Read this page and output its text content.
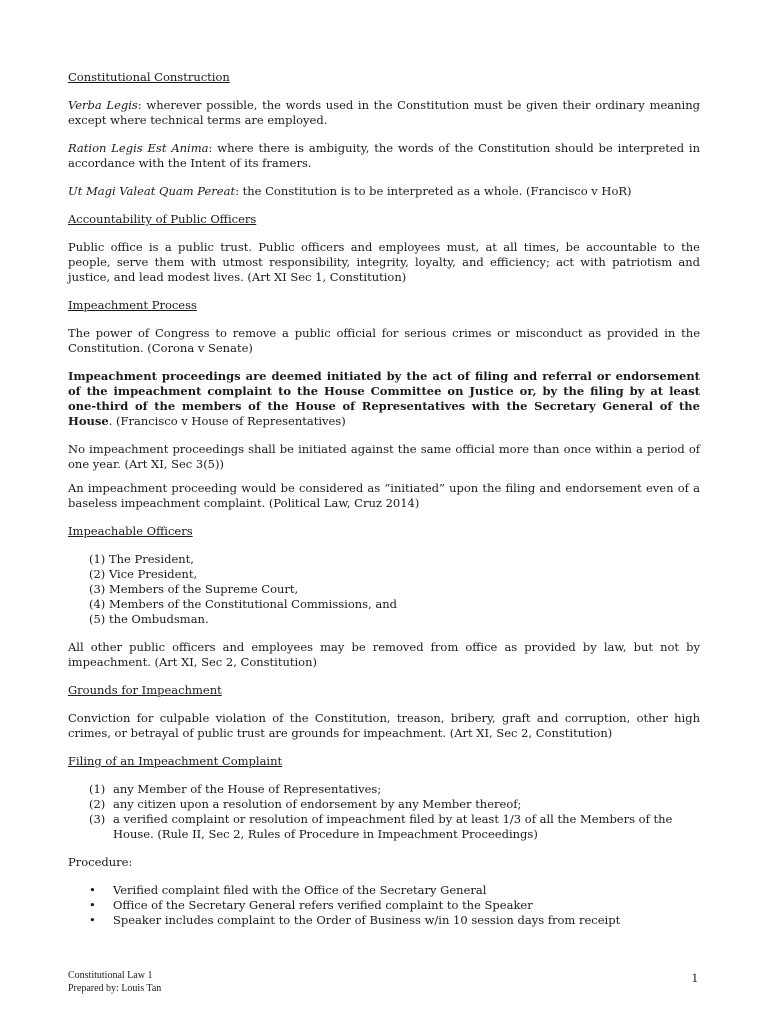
Constitutional Construction

Verba Legis: wherever possible, the words used in the Constitution must be given their ordinary meaning except where technical terms are employed.

Ration Legis Est Anima: where there is ambiguity, the words of the Constitution should be interpreted in accordance with the Intent of its framers.

Ut Magi Valeat Quam Pereat: the Constitution is to be interpreted as a whole. (Francisco v HoR)

Accountability of Public Officers

Public office is a public trust. Public officers and employees must, at all times, be accountable to the people, serve them with utmost responsibility, integrity, loyalty, and efficiency; act with patriotism and justice, and lead modest lives. (Art XI Sec 1, Constitution)

Impeachment Process

The power of Congress to remove a public official for serious crimes or misconduct as provided in the Constitution. (Corona v Senate)

Impeachment proceedings are deemed initiated by the act of filing and referral or endorsement of the impeachment complaint to the House Committee on Justice or, by the filing by at least one-third of the members of the House of Representatives with the Secretary General of the House. (Francisco v House of Representatives)

No impeachment proceedings shall be initiated against the same official more than once within a period of one year. (Art XI, Sec 3(5))

An impeachment proceeding would be considered as “initiated” upon the filing and endorsement even of a baseless impeachment complaint. (Political Law, Cruz 2014)

Impeachable Officers
(1) The President,
(2) Vice President,
(3) Members of the Supreme Court,
(4) Members of the Constitutional Commissions, and
(5) the Ombudsman.

All other public officers and employees may be removed from office as provided by law, but not by impeachment. (Art XI, Sec 2, Constitution)

Grounds for Impeachment

Conviction for culpable violation of the Constitution, treason, bribery, graft and corruption, other high crimes, or betrayal of public trust are grounds for impeachment. (Art XI, Sec 2, Constitution)

Filing of an Impeachment Complaint
(1) any Member of the House of Representatives;
(2) any citizen upon a resolution of endorsement by any Member thereof;
(3) a verified complaint or resolution of impeachment filed by at least 1/3 of all the Members of the House. (Rule II, Sec 2, Rules of Procedure in Impeachment Proceedings)
Procedure:
• Verified complaint filed with the Office of the Secretary General
• Office of the Secretary General refers verified complaint to the Speaker
• Speaker includes complaint to the Order of Business w/in 10 session days from receipt
Constitutional Law 1
Prepared by: Louis Tan
1
